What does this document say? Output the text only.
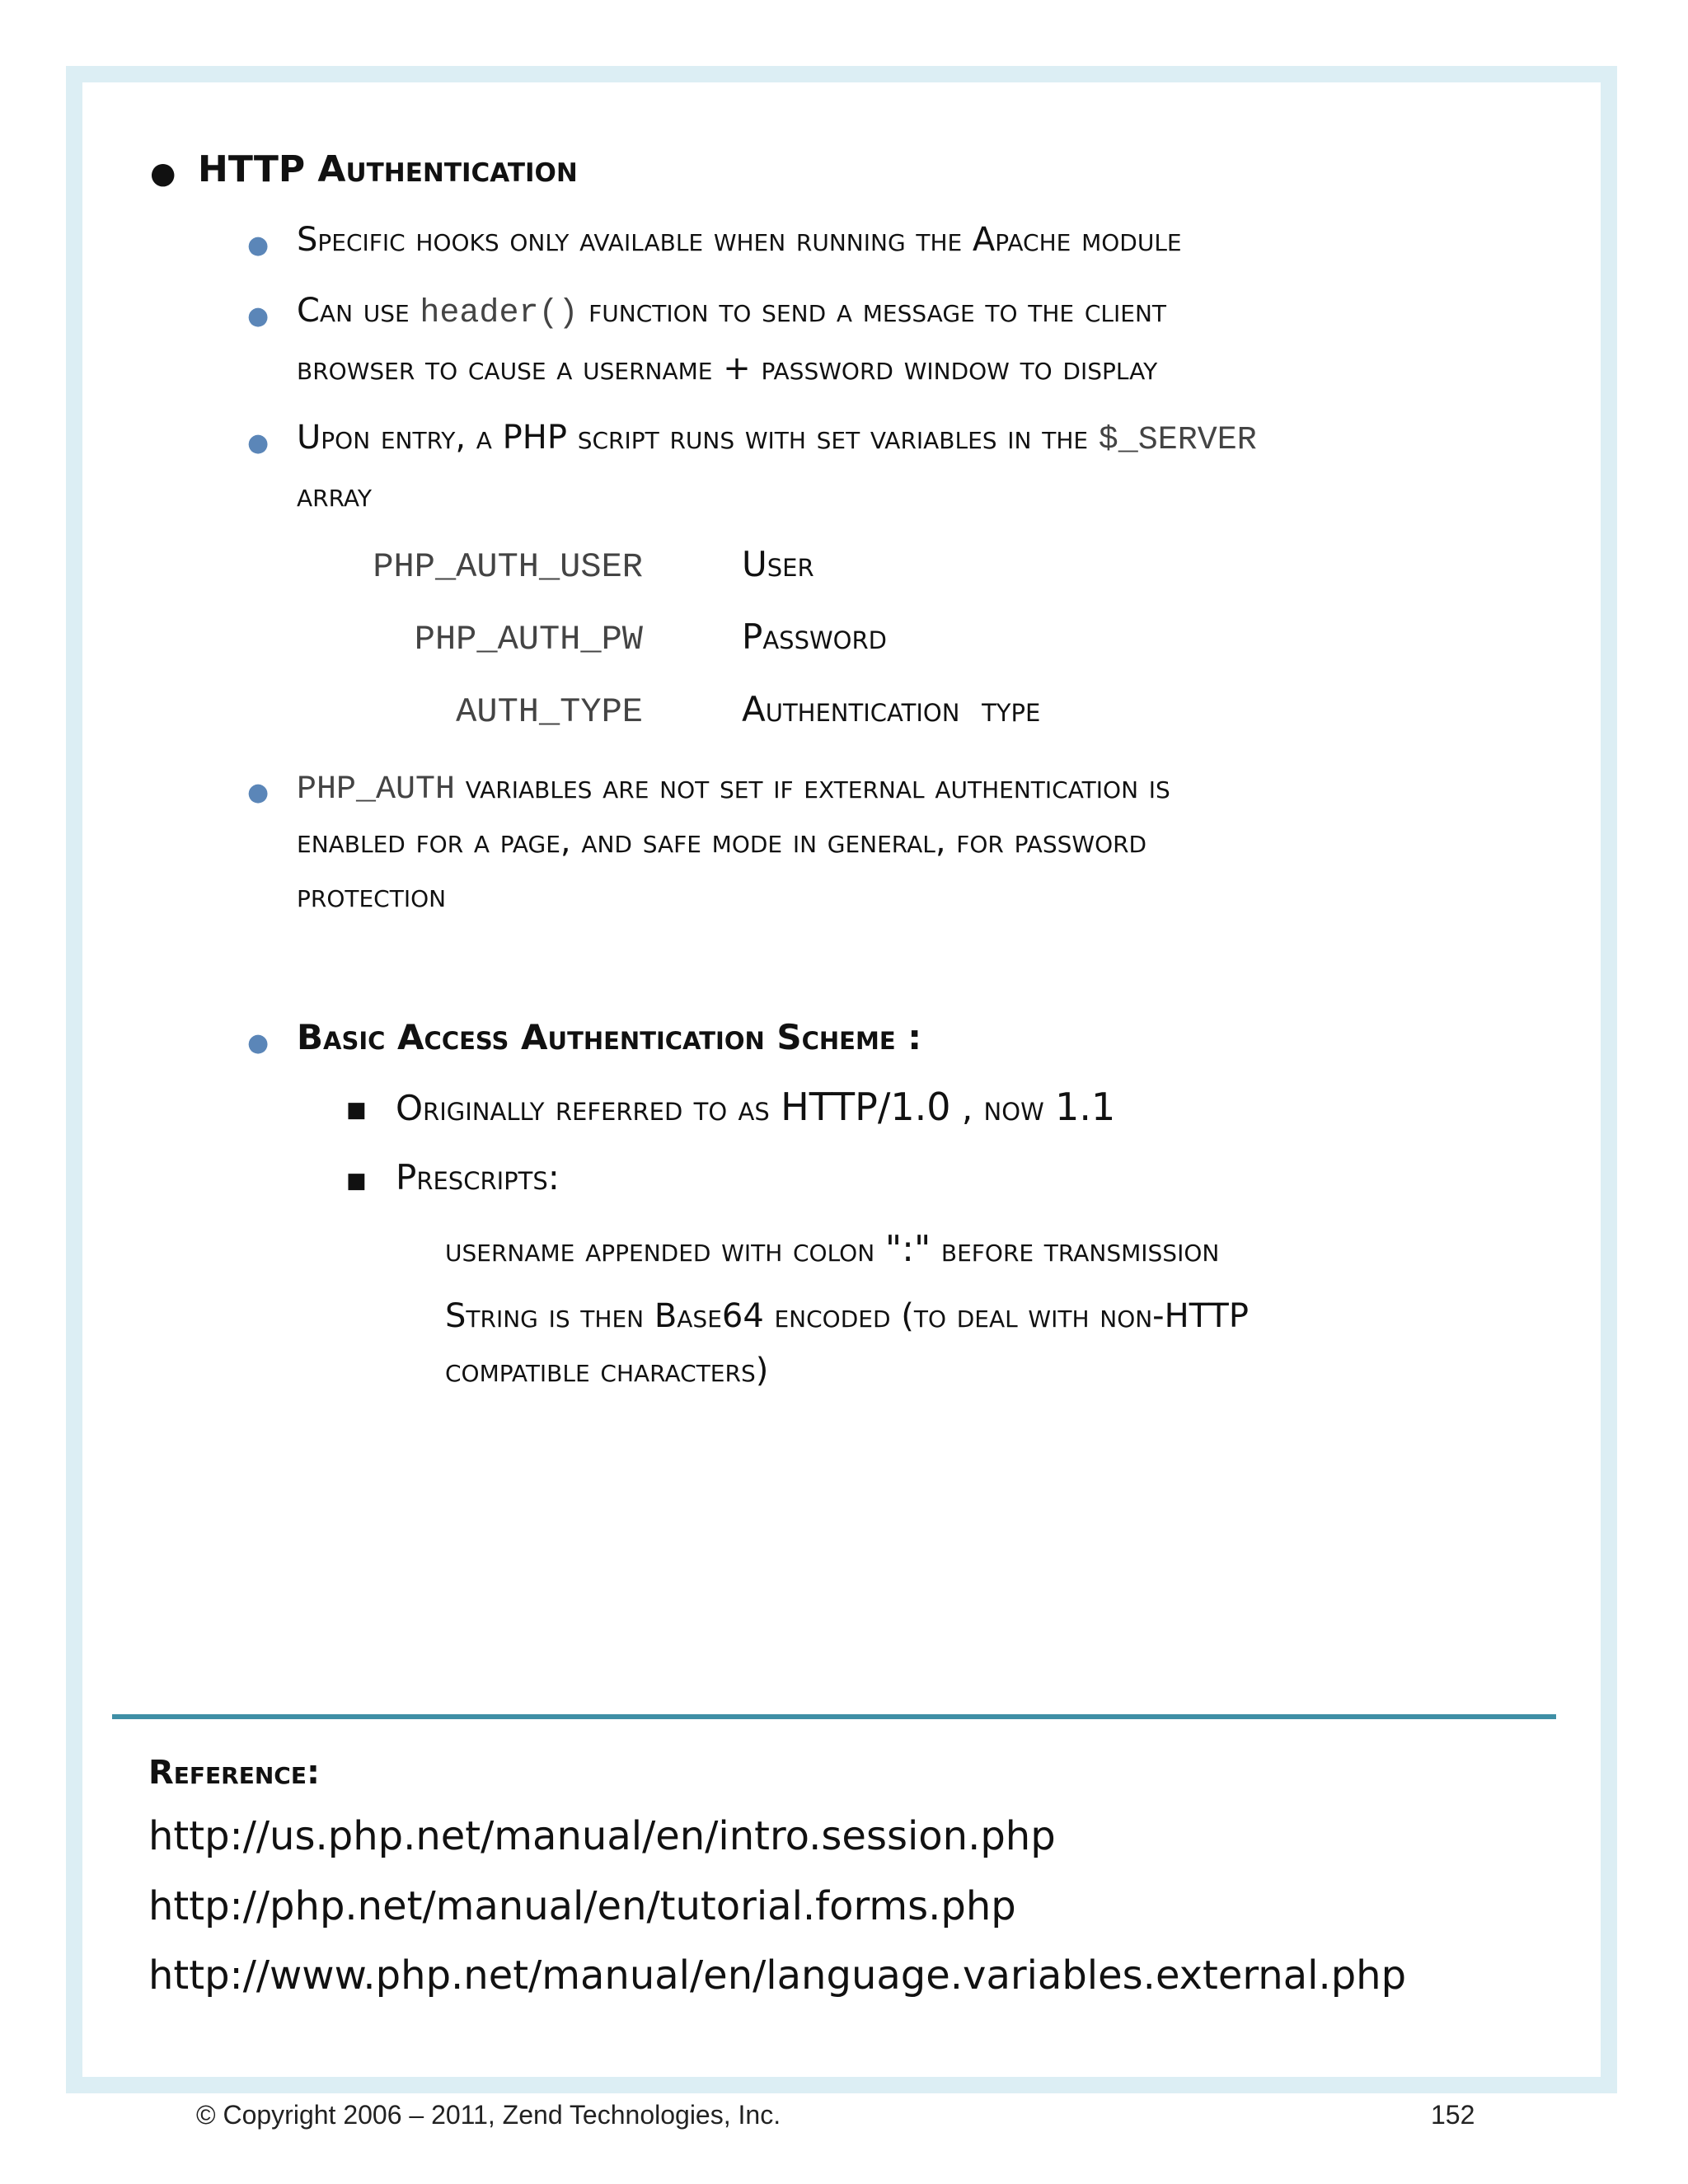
● HTTP Authentication
● Specific hooks only available when running the Apache module
● Can use header() function to send a message to the client
browser to cause a username + password window to display
● Upon entry, a PHP script runs with set variables in the $_SERVER
array
PHP_AUTH_USER	User
PHP_AUTH_PW	Password
AUTH_TYPE	Authentication  type
● PHP_AUTH variables are not set if external authentication is
enabled for a page, and safe mode in general, for password
protection
● Basic Access Authentication Scheme :
■ Originally referred to as HTTP/1.0 , now 1.1
■ Prescripts:
username appended with colon ":" before transmission
String is then Base64 encoded (to deal with non-HTTP
compatible characters)
Reference:
http://us.php.net/manual/en/intro.session.php
http://php.net/manual/en/tutorial.forms.php
http://www.php.net/manual/en/language.variables.external.php
© Copyright 2006 – 2011, Zend Technologies, Inc.	152
